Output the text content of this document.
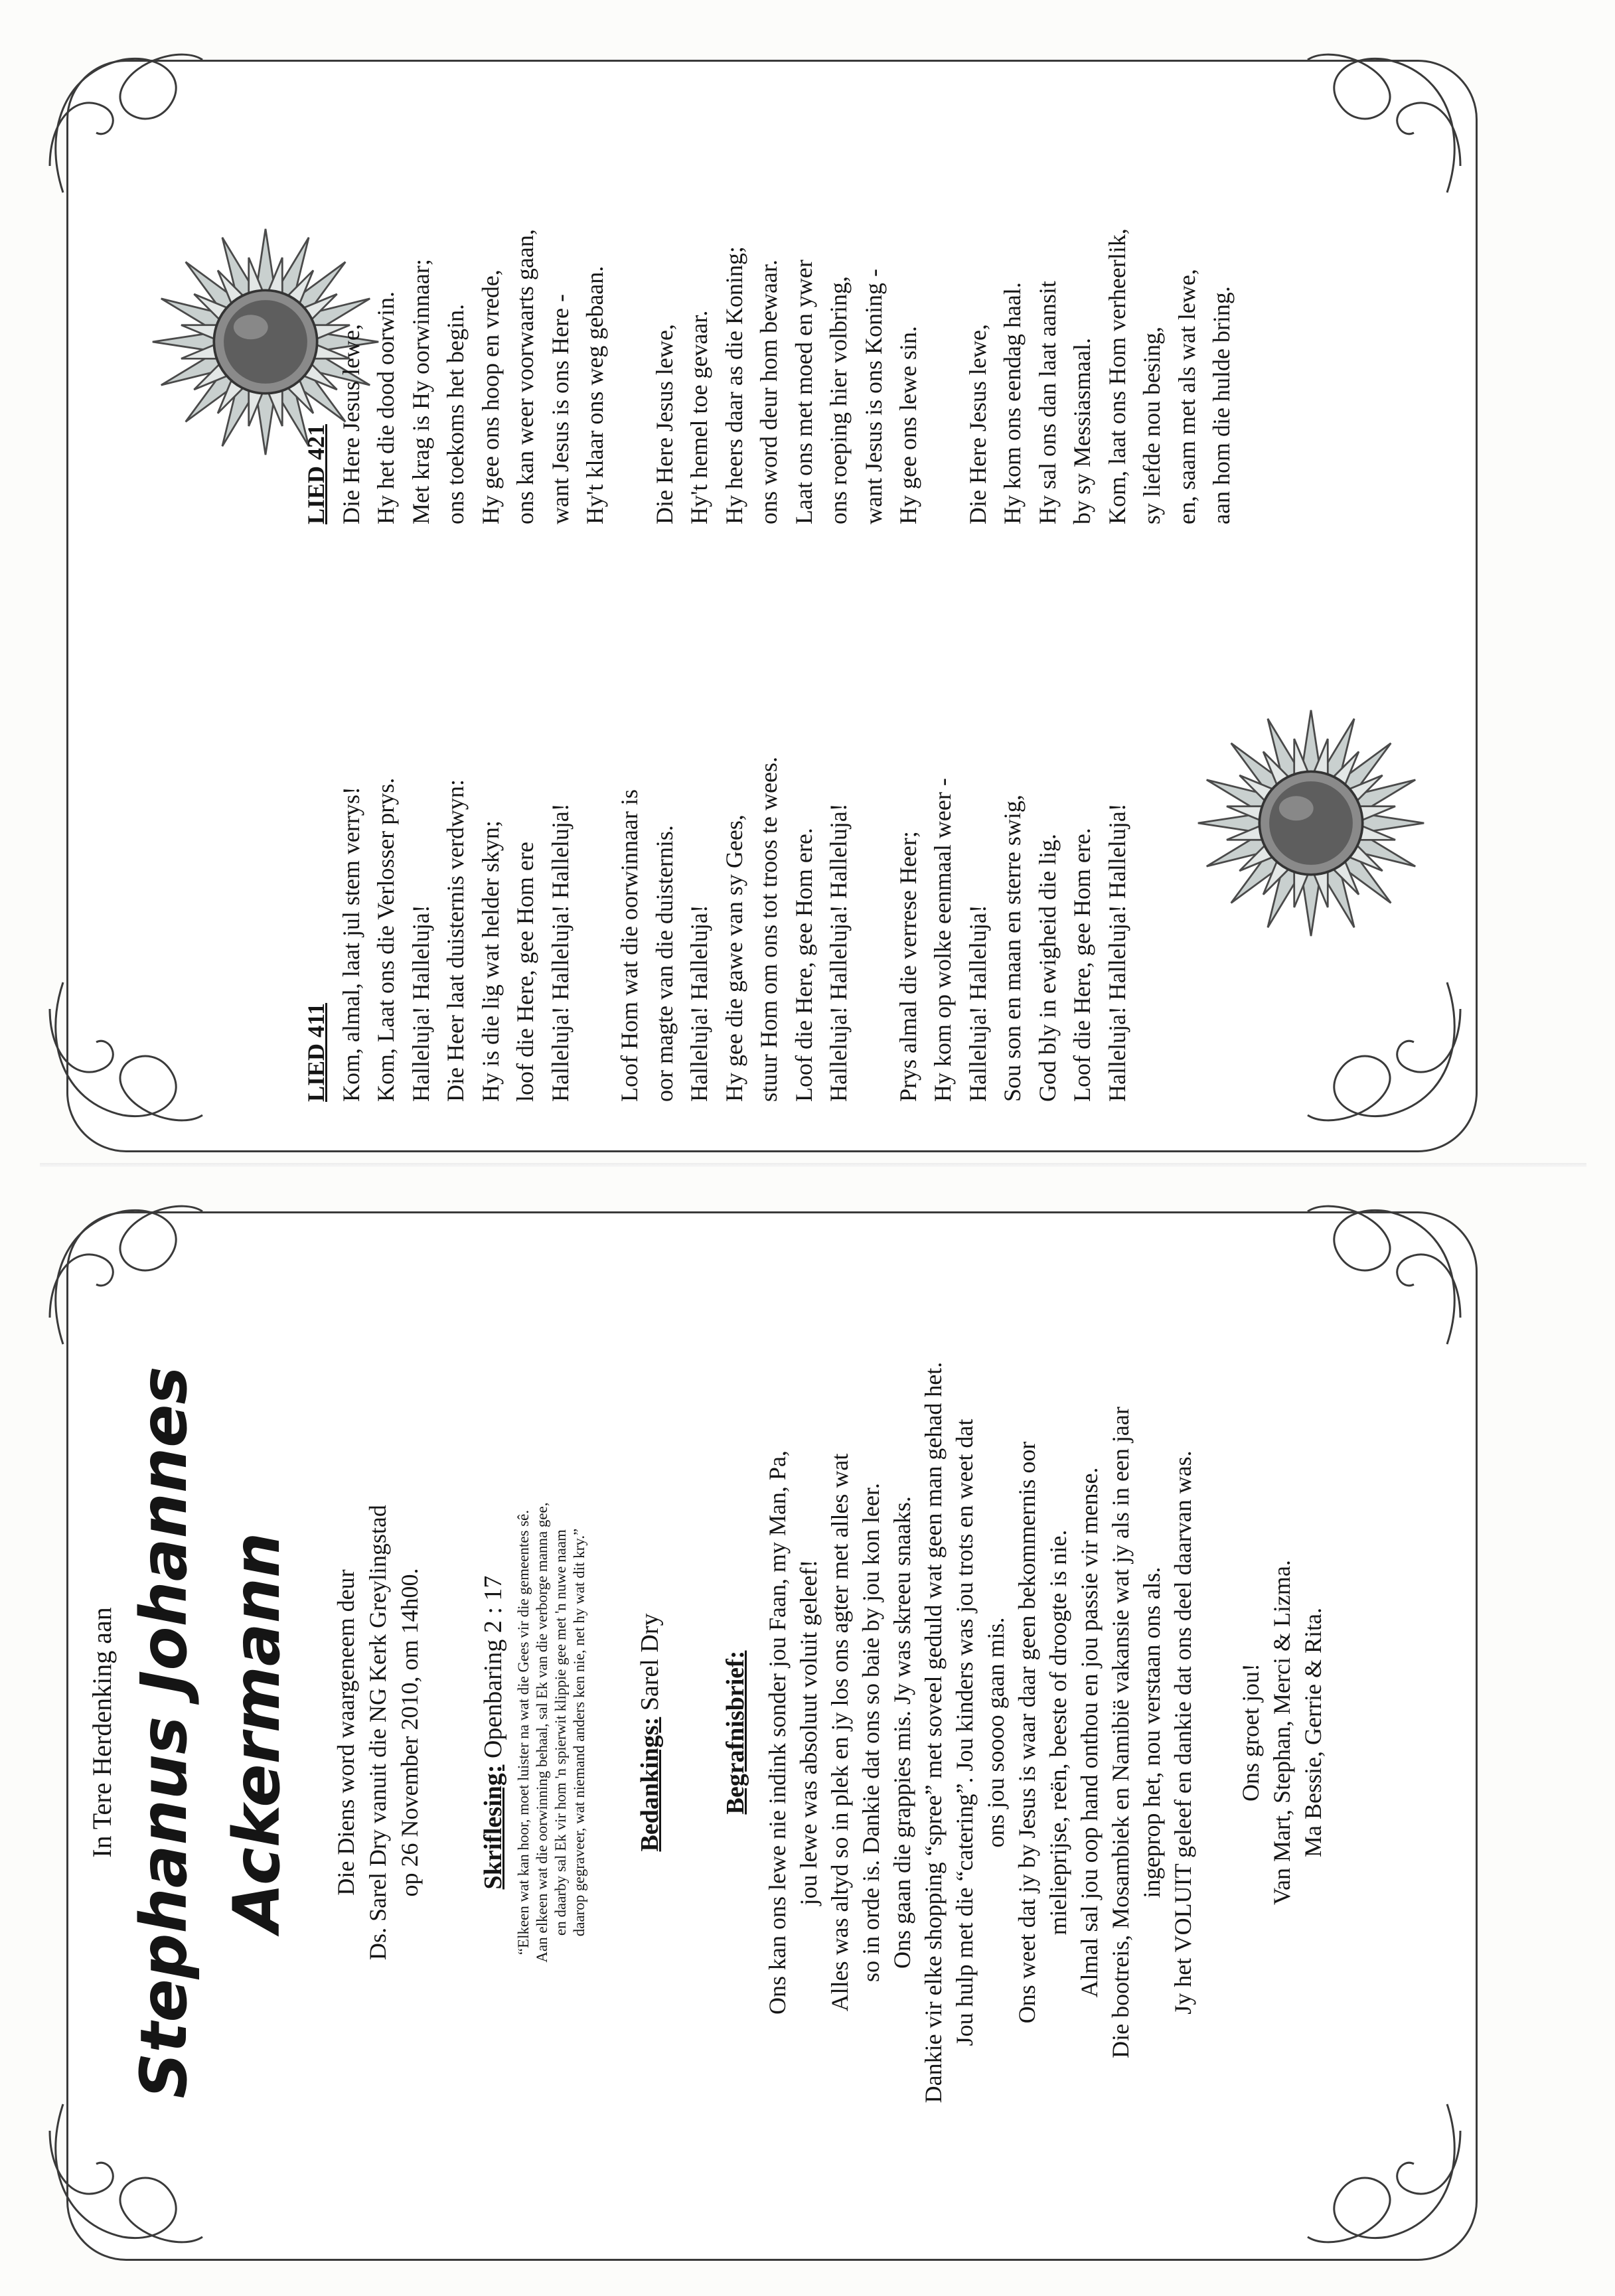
LIED 411 Kom, almal, laat jul stem verrys! Kom, Laat ons die Verlosser prys. Halleluja! Halleluja! Die Heer laat duisternis verdwyn: Hy is die lig wat helder skyn; loof die Here, gee Hom ere Halleluja! Halleluja! Halleluja! Loof Hom wat die oorwinnaar is oor magte van die duisternis. Halleluja! Halleluja! Hy gee die gawe van sy Gees, stuur Hom om ons tot troos te wees. Loof die Here, gee Hom ere. Halleluja! Halleluja! Halleluja! Prys almal die verrese Heer; Hy kom op wolke eenmaal weer - Halleluja! Halleluja! Sou son en maan en sterre swig, God bly in ewigheid die lig. Loof die Here, gee Hom ere. Halleluja! Halleluja! Halleluja!
LIED 421 Die Here Jesus lewe, Hy het die dood oorwin. Met krag is Hy oorwinnaar; ons toekoms het begin. Hy gee ons hoop en vrede, ons kan weer voorwaarts gaan, want Jesus is ons Here - Hy't klaar ons weg gebaan. Die Here Jesus lewe, Hy't hemel toe gevaar. Hy heers daar as die Koning; ons word deur hom bewaar. Laat ons met moed en ywer ons roeping hier volbring, want Jesus is ons Koning - Hy gee ons lewe sin. Die Here Jesus lewe, Hy kom ons eendag haal. Hy sal ons dan laat aansit by sy Messiasmaal. Kom, laat ons Hom verheerlik, sy liefde nou besing, en, saam met als wat lewe, aan hom die hulde bring.
In Tere Herdenking aan Stephanus Johannes Ackermann	Die Diens word waargeneem deur Ds. Sarel Dry vanuit die NG Kerk Greylingstad op 26 November 2010, om 14h00. Skriflesing: Openbaring 2 : 17 “Elkeen wat kan hoor, moet luister na wat die Gees vir die gemeentes sê. Aan elkeen wat die oorwinning behaal, sal Ek van die verborge manna gee, en daarby sal Ek vir hom 'n spierwit klippie gee met 'n nuwe naam daarop gegraveer, wat niemand anders ken nie, net hy wat dit kry.” Bedankings: Sarel Dry Begrafnisbrief: Ons kan ons lewe nie indink sonder jou Faan, my Man, Pa, jou lewe was absoluut voluit geleef! Alles was altyd so in plek en jy los ons agter met alles wat so in orde is. Dankie dat ons so baie by jou kon leer. Ons gaan die grappies mis. Jy was skreeu snaaks. Dankie vir elke shopping “spree” met soveel geduld wat geen man gehad het. Jou hulp met die “catering”. Jou kinders was jou trots en weet dat ons jou soooo gaan mis. Ons weet dat jy by Jesus is waar daar geen bekommernis oor mielieprijse, reën, beeste of droogte is nie. Almal sal jou oop hand onthou en jou passie vir mense. Die bootreis, Mosambiek en Namibië vakansie wat jy als in een jaar ingeprop het, nou verstaan ons als. Jy het VOLUIT geleef en dankie dat ons deel daarvan was. Ons groet jou! Van Mart, Stephan, Merci & Lizma. Ma Bessie, Gerrie & Rita.
